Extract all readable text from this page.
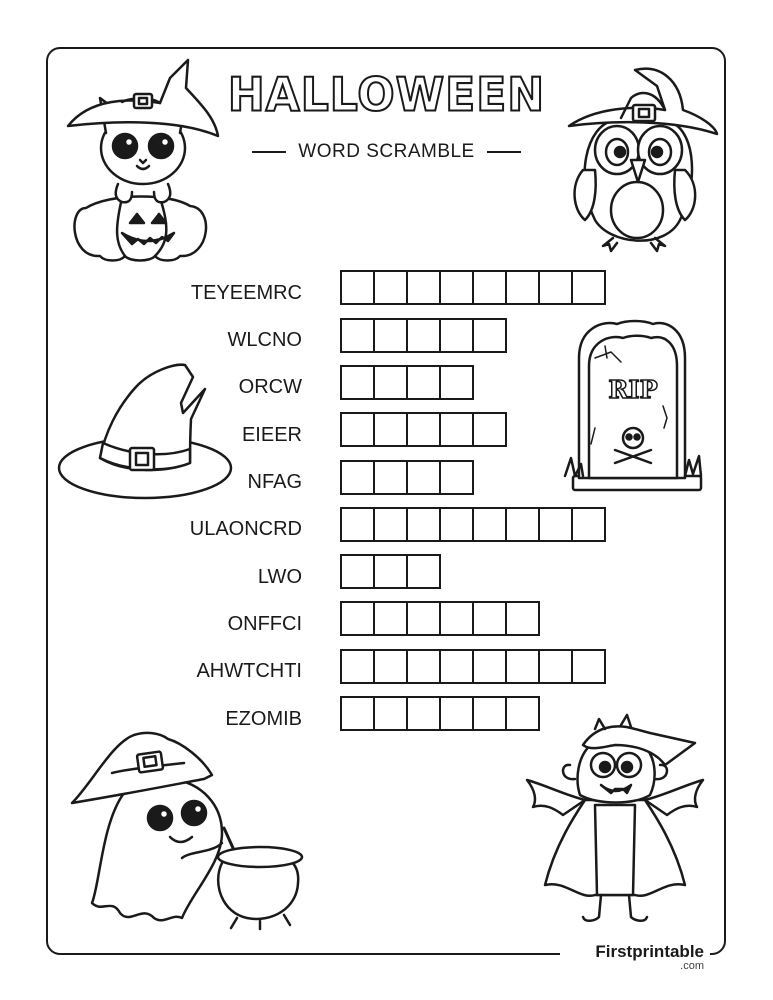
HALLOWEEN
WORD SCRAMBLE
TEYEEMRC
WLCNO
ORCW
EIEER
NFAG
ULAONCRD
LWO
ONFFCI
AHWTCHTI
EZOMIB
RIP
Firstprintable
.com
